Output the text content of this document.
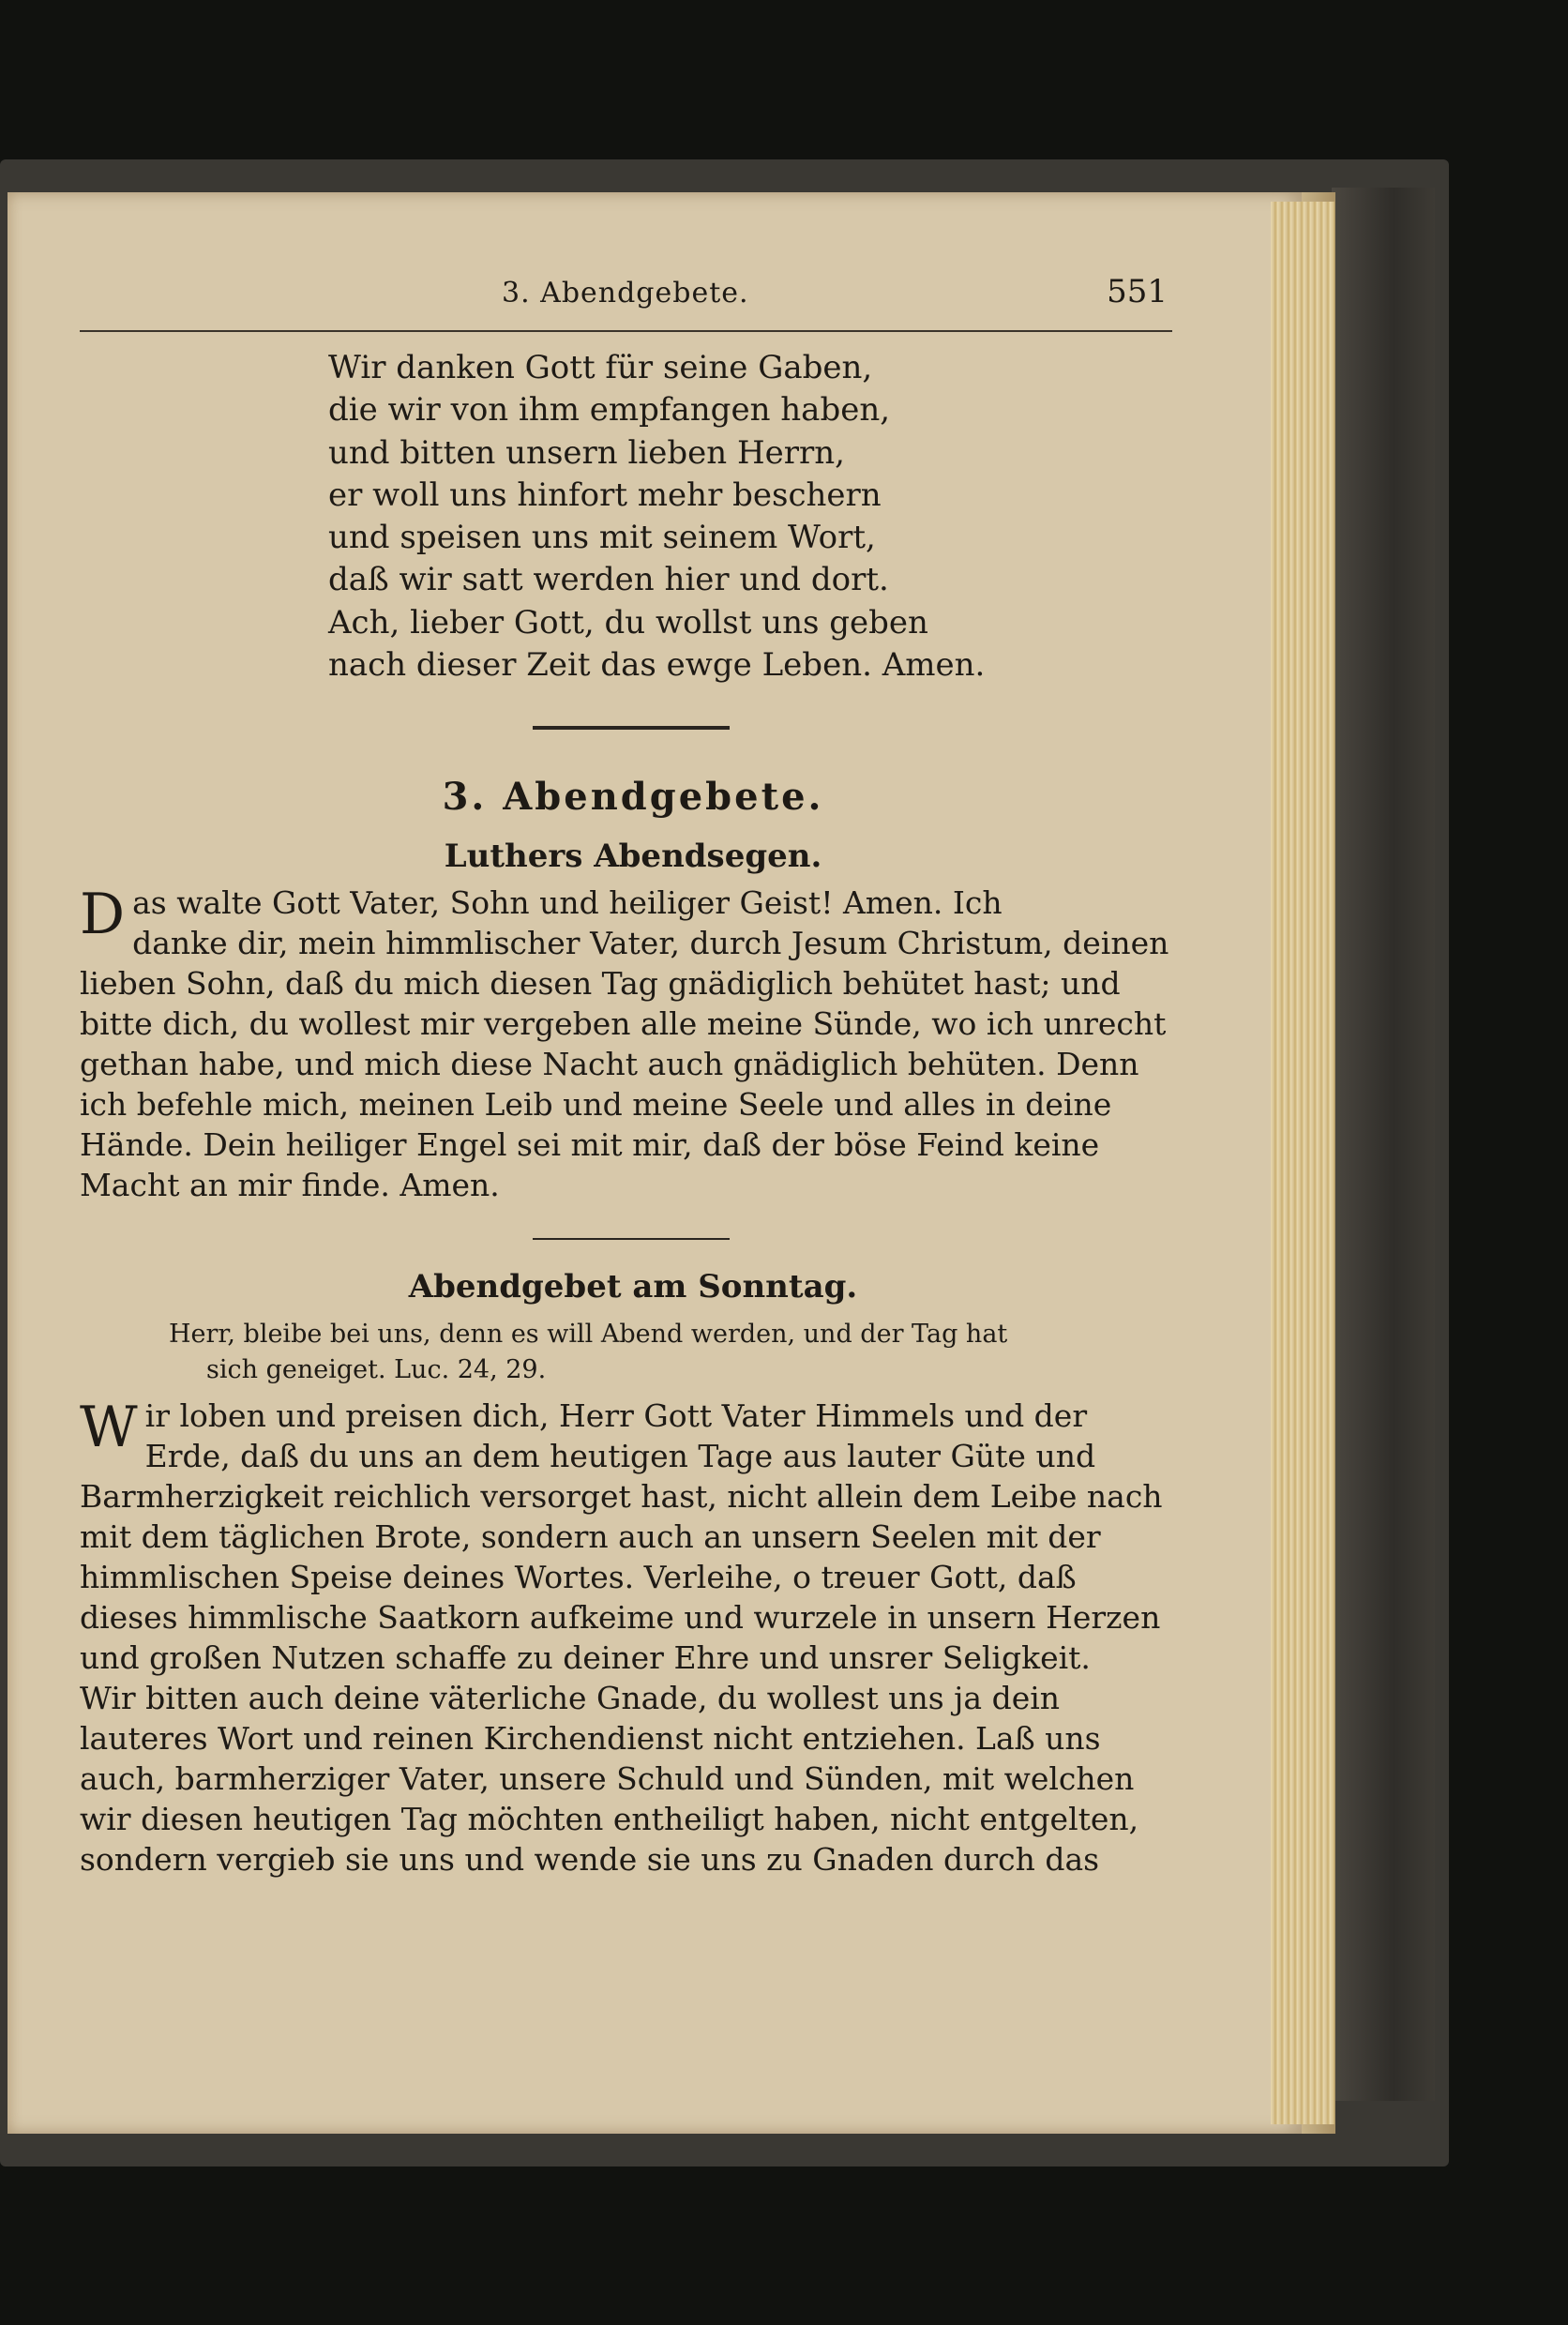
3. Abendgebete.	551
Wir danken Gott für seine Gaben,
die wir von ihm empfangen haben,
und bitten unsern lieben Herrn,
er woll uns hinfort mehr beschern
und speisen uns mit seinem Wort,
daß wir satt werden hier und dort.
Ach, lieber Gott, du wollst uns geben
nach dieser Zeit das ewge Leben. Amen.
3. Abendgebete.
Luthers Abendsegen.
D as walte Gott Vater, Sohn und heiliger Geist! Amen. Ich
danke dir, mein himmlischer Vater, durch Jesum Christum, deinen
lieben Sohn, daß du mich diesen Tag gnädiglich behütet hast; und
bitte dich, du wollest mir vergeben alle meine Sünde, wo ich unrecht
gethan habe, und mich diese Nacht auch gnädiglich behüten. Denn
ich befehle mich, meinen Leib und meine Seele und alles in deine
Hände. Dein heiliger Engel sei mit mir, daß der böse Feind keine
Macht an mir finde. Amen.
Abendgebet am Sonntag.
Herr, bleibe bei uns, denn es will Abend werden, und der Tag hat
sich geneiget. Luc. 24, 29.
W ir loben und preisen dich, Herr Gott Vater Himmels und der
Erde, daß du uns an dem heutigen Tage aus lauter Güte und
Barmherzigkeit reichlich versorget hast, nicht allein dem Leibe nach
mit dem täglichen Brote, sondern auch an unsern Seelen mit der
himmlischen Speise deines Wortes. Verleihe, o treuer Gott, daß
dieses himmlische Saatkorn aufkeime und wurzele in unsern Herzen
und großen Nutzen schaffe zu deiner Ehre und unsrer Seligkeit.
Wir bitten auch deine väterliche Gnade, du wollest uns ja dein
lauteres Wort und reinen Kirchendienst nicht entziehen. Laß uns
auch, barmherziger Vater, unsere Schuld und Sünden, mit welchen
wir diesen heutigen Tag möchten entheiligt haben, nicht entgelten,
sondern vergieb sie uns und wende sie uns zu Gnaden durch das
